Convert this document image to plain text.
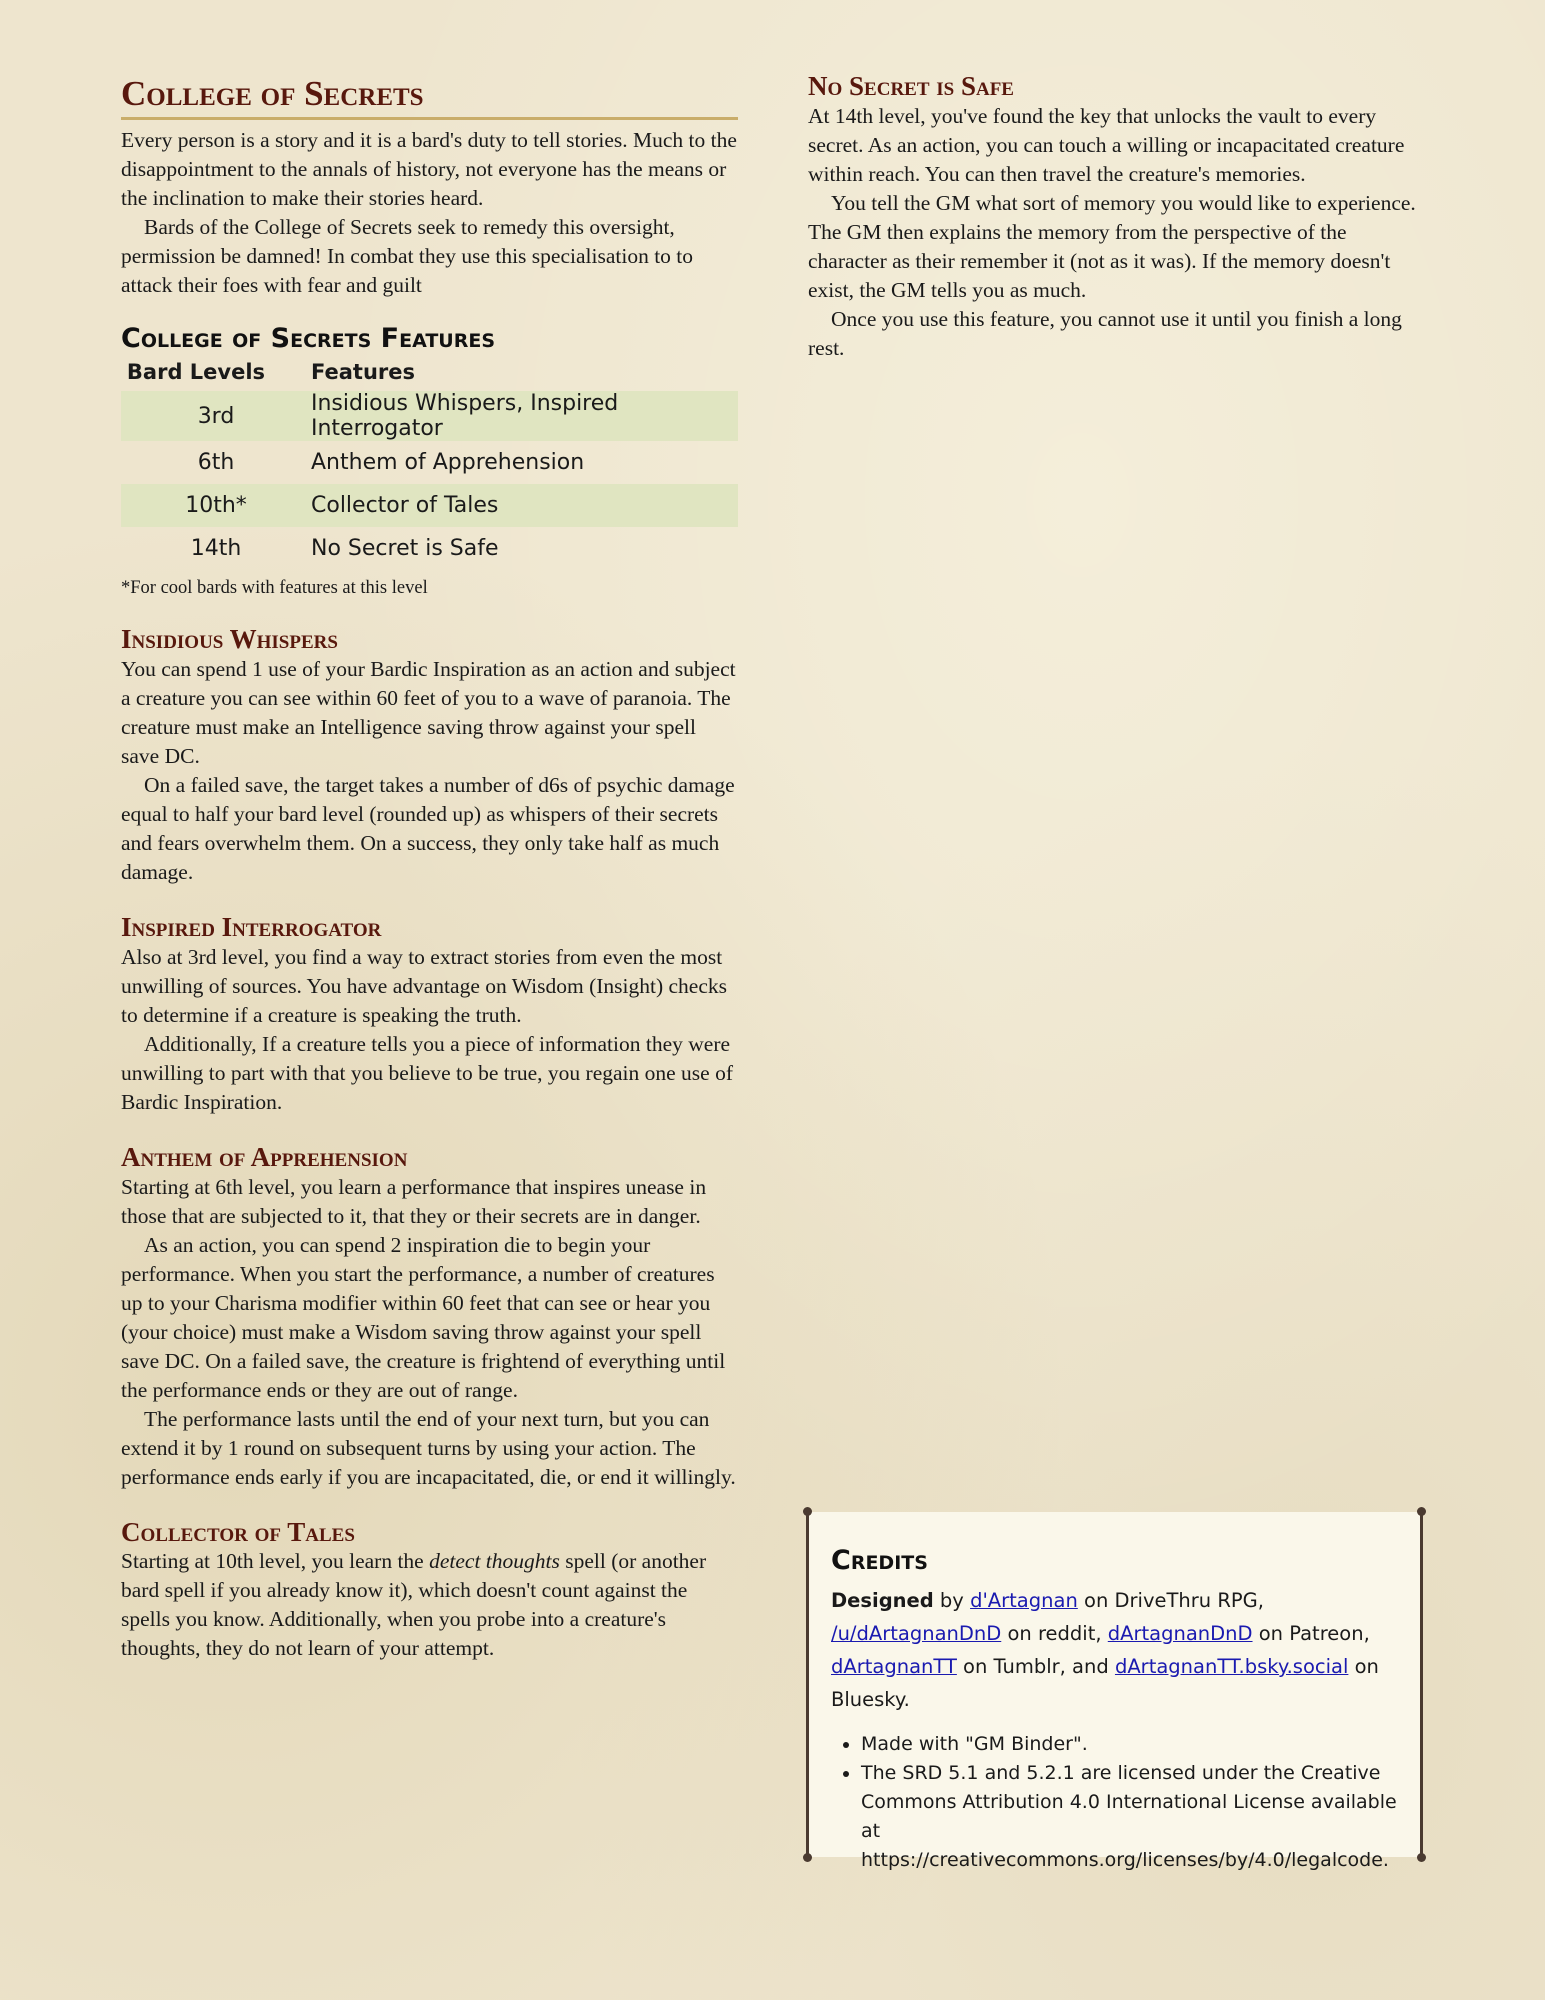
College of Secrets

Every person is a story and it is a bard's duty to tell stories. Much to the disappointment to the annals of history, not everyone has the means or the inclination to make their stories heard.

Bards of the College of Secrets seek to remedy this oversight, permission be damned! In combat they use this specialisation to to attack their foes with fear and guilt

College of Secrets Features
Bard Levels	Features
3rd	Insidious Whispers, Inspired Interrogator
6th	Anthem of Apprehension
10th*	Collector of Tales
14th	No Secret is Safe
*For cool bards with features at this level
Insidious Whispers

You can spend 1 use of your Bardic Inspiration as an action and subject a creature you can see within 60 feet of you to a wave of paranoia. The creature must make an Intelligence saving throw against your spell save DC.

On a failed save, the target takes a number of d6s of psychic damage equal to half your bard level (rounded up) as whispers of their secrets and fears overwhelm them. On a success, they only take half as much damage.

Inspired Interrogator

Also at 3rd level, you find a way to extract stories from even the most unwilling of sources. You have advantage on Wisdom (Insight) checks to determine if a creature is speaking the truth.

Additionally, If a creature tells you a piece of information they were unwilling to part with that you believe to be true, you regain one use of Bardic Inspiration.

Anthem of Apprehension

Starting at 6th level, you learn a performance that inspires unease in those that are subjected to it, that they or their secrets are in danger.

As an action, you can spend 2 inspiration die to begin your performance. When you start the performance, a number of creatures up to your Charisma modifier within 60 feet that can see or hear you (your choice) must make a Wisdom saving throw against your spell save DC. On a failed save, the creature is frightend of everything until the performance ends or they are out of range.

The performance lasts until the end of your next turn, but you can extend it by 1 round on subsequent turns by using your action. The performance ends early if you are incapacitated, die, or end it willingly.

Collector of Tales

Starting at 10th level, you learn the detect thoughts spell (or another bard spell if you already know it), which doesn't count against the spells you know. Additionally, when you probe into a creature's thoughts, they do not learn of your attempt.

No Secret is Safe

At 14th level, you've found the key that unlocks the vault to every secret. As an action, you can touch a willing or incapacitated creature within reach. You can then travel the creature's memories.

You tell the GM what sort of memory you would like to experience. The GM then explains the memory from the perspective of the character as their remember it (not as it was). If the memory doesn't exist, the GM tells you as much.

Once you use this feature, you cannot use it until you finish a long rest.

Credits

Designed by d'Artagnan on DriveThru RPG, /u/dArtagnanDnD on reddit, dArtagnanDnD on Patreon, dArtagnanTT on Tumblr, and dArtagnanTT.bsky.social on Bluesky.

• Made with "GM Binder".
• The SRD 5.1 and 5.2.1 are licensed under the Creative Commons Attribution 4.0 International License available at https://creativecommons.org/licenses/by/4.0/legalcode.
